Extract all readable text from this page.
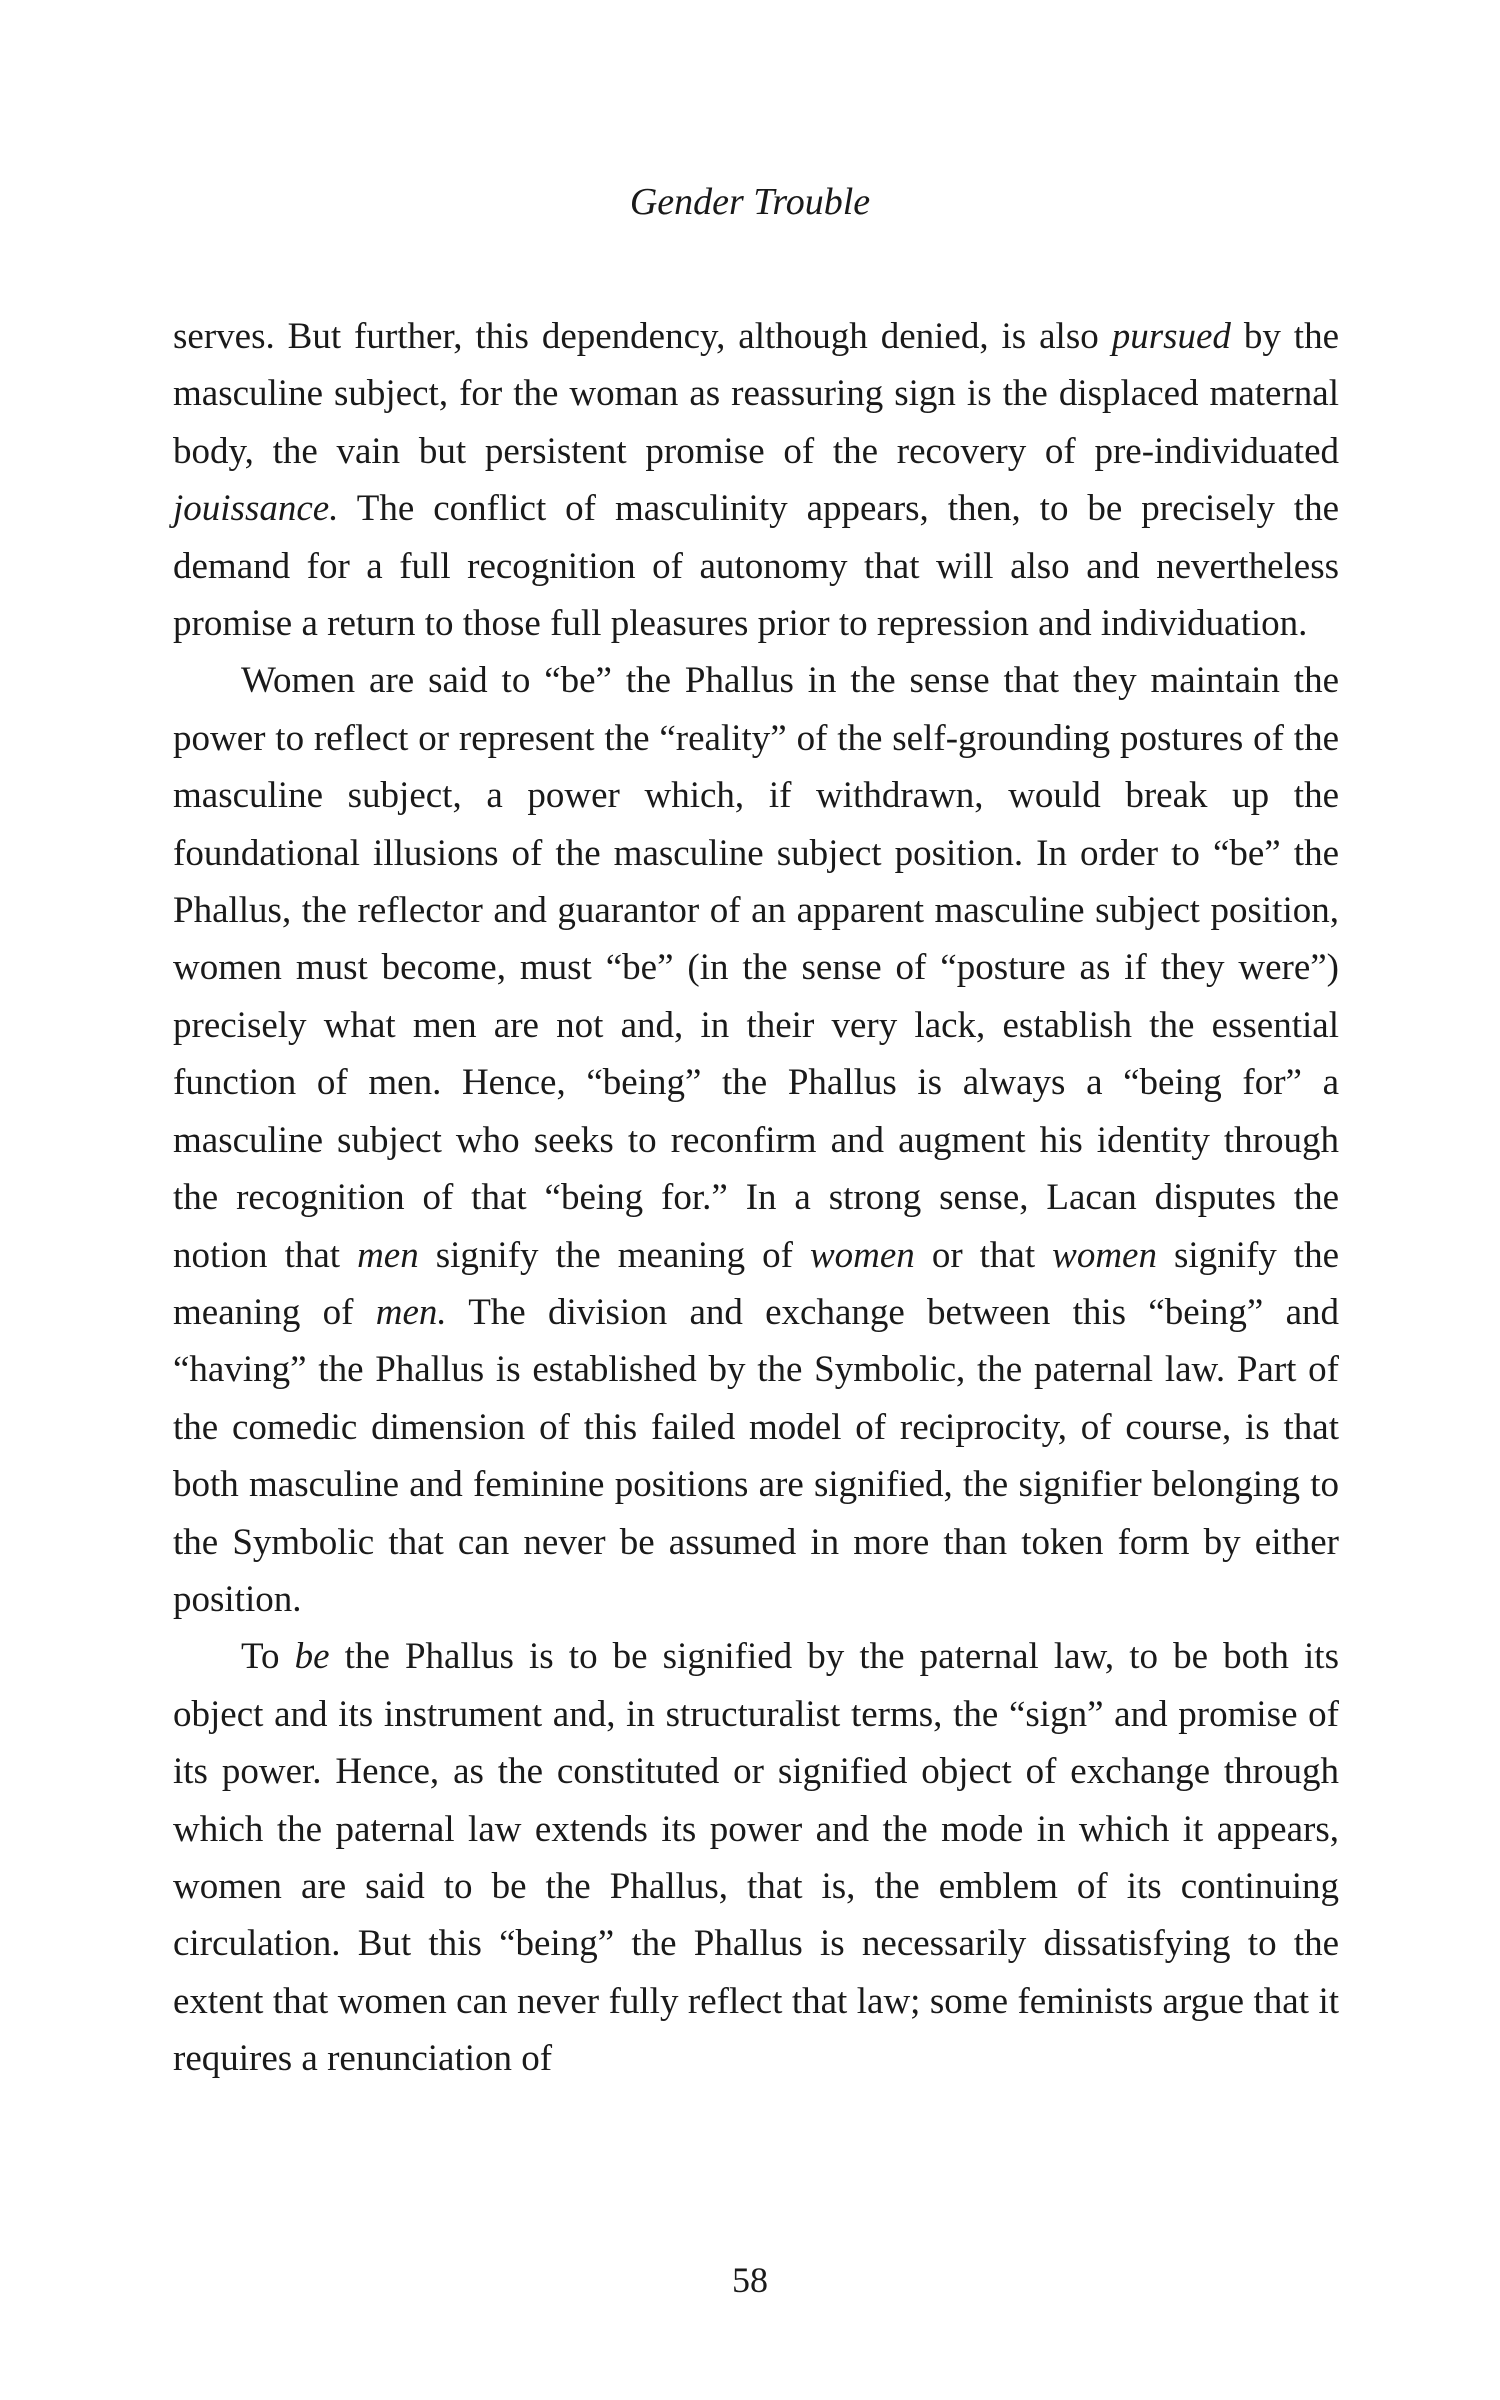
Gender Trouble

serves. But further, this dependency, although denied, is also pursued by the masculine subject, for the woman as reassuring sign is the displaced maternal body, the vain but persistent promise of the recovery of pre-individuated jouissance. The conflict of masculinity appears, then, to be precisely the demand for a full recognition of autonomy that will also and nevertheless promise a return to those full pleasures prior to repression and individuation.

Women are said to “be” the Phallus in the sense that they maintain the power to reflect or represent the “reality” of the self-grounding postures of the masculine subject, a power which, if withdrawn, would break up the foundational illusions of the masculine subject position. In order to “be” the Phallus, the reflector and guarantor of an apparent masculine subject position, women must become, must “be” (in the sense of “posture as if they were”) precisely what men are not and, in their very lack, establish the essential function of men. Hence, “being” the Phallus is always a “being for” a masculine subject who seeks to reconfirm and augment his identity through the recognition of that “being for.” In a strong sense, Lacan disputes the notion that men signify the meaning of women or that women signify the meaning of men. The division and exchange between this “being” and “having” the Phallus is established by the Symbolic, the paternal law. Part of the comedic dimension of this failed model of reciprocity, of course, is that both masculine and feminine positions are signified, the signifier belonging to the Symbolic that can never be assumed in more than token form by either position.

To be the Phallus is to be signified by the paternal law, to be both its object and its instrument and, in structuralist terms, the “sign” and promise of its power. Hence, as the constituted or signified object of exchange through which the paternal law extends its power and the mode in which it appears, women are said to be the Phallus, that is, the emblem of its continuing circulation. But this “being” the Phallus is necessarily dissatisfying to the extent that women can never fully reflect that law; some feminists argue that it requires a renunciation of

58
